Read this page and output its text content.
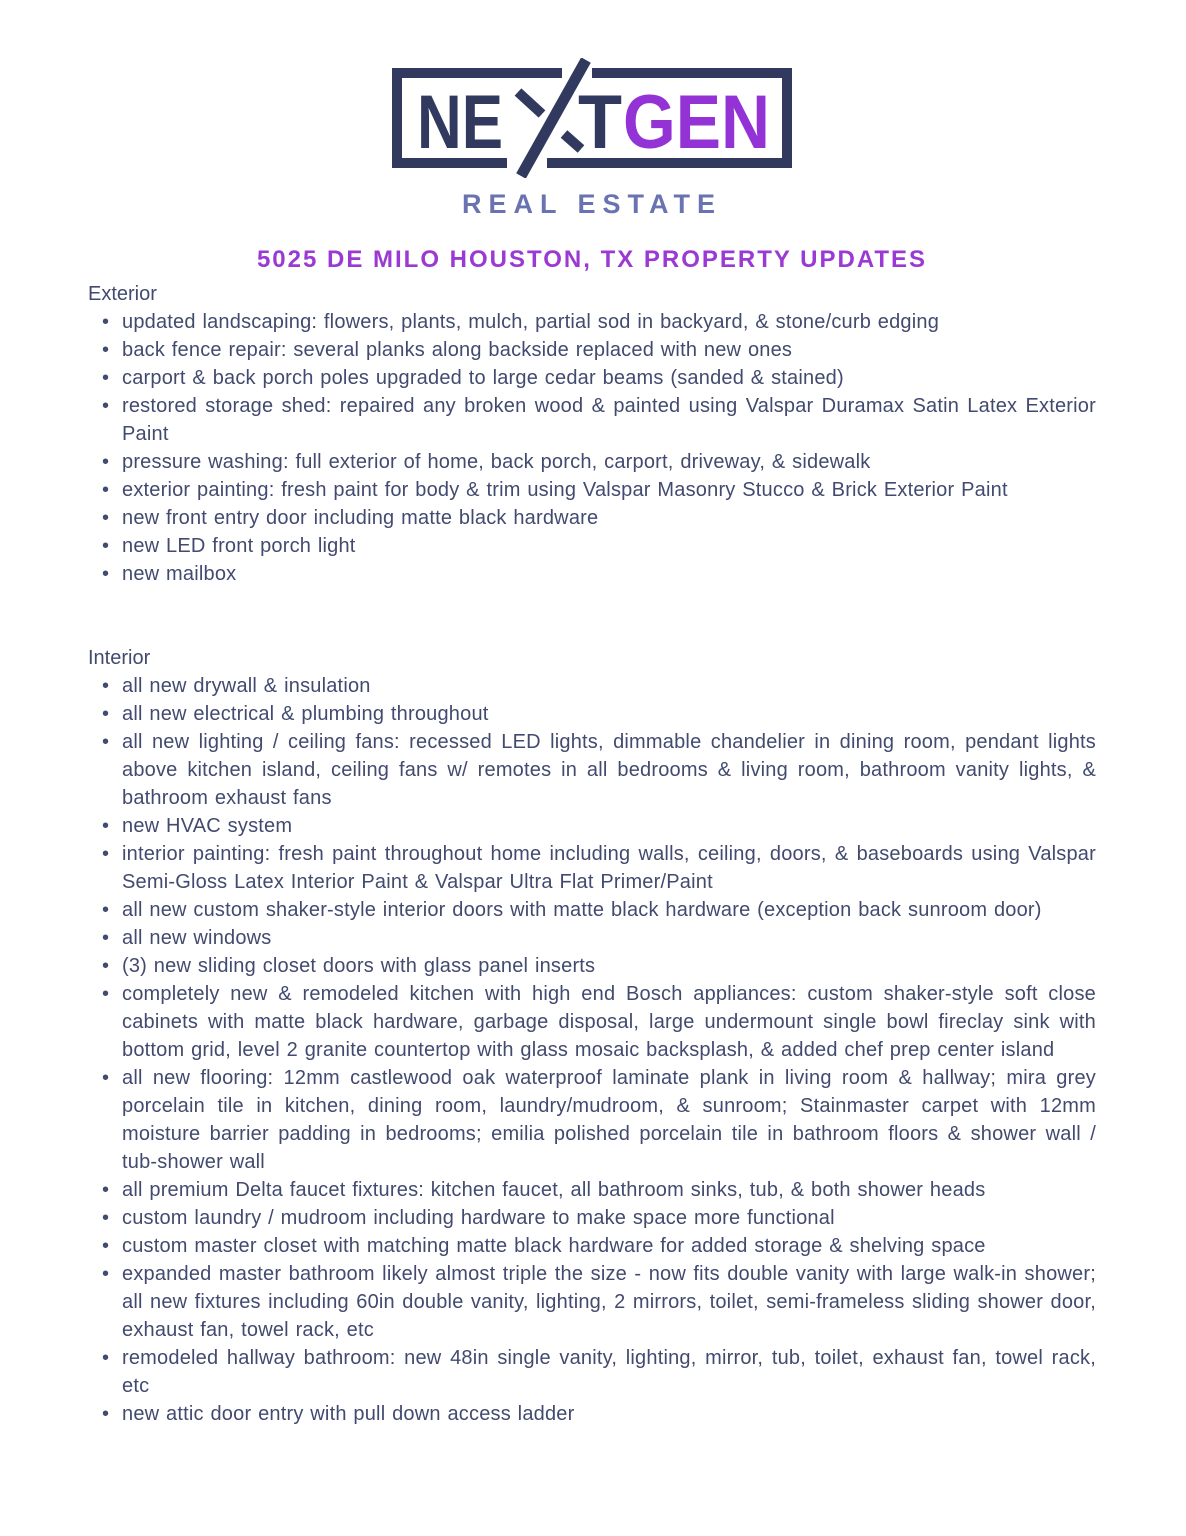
NE T GEN
REAL ESTATE
5025 DE MILO HOUSTON, TX PROPERTY UPDATES
Exterior
• updated landscaping: flowers, plants, mulch, partial sod in backyard, & stone/curb edging
• back fence repair: several planks along backside replaced with new ones
• carport & back porch poles upgraded to large cedar beams (sanded & stained)
• restored storage shed: repaired any broken wood & painted using Valspar Duramax Satin Latex Exterior Paint
• pressure washing: full exterior of home, back porch, carport, driveway, & sidewalk
• exterior painting: fresh paint for body & trim using Valspar Masonry Stucco & Brick Exterior Paint
• new front entry door including matte black hardware
• new LED front porch light
• new mailbox
Interior
• all new drywall & insulation
• all new electrical & plumbing throughout
• all new lighting / ceiling fans: recessed LED lights, dimmable chandelier in dining room, pendant lights above kitchen island, ceiling fans w/ remotes in all bedrooms & living room, bathroom vanity lights, & bathroom exhaust fans
• new HVAC system
• interior painting: fresh paint throughout home including walls, ceiling, doors, & baseboards using Valspar Semi-Gloss Latex Interior Paint & Valspar Ultra Flat Primer/Paint
• all new custom shaker-style interior doors with matte black hardware (exception back sunroom door)
• all new windows
• (3) new sliding closet doors with glass panel inserts
• completely new & remodeled kitchen with high end Bosch appliances: custom shaker-style soft close cabinets with matte black hardware, garbage disposal, large undermount single bowl fireclay sink with bottom grid, level 2 granite countertop with glass mosaic backsplash, & added chef prep center island
• all new flooring: 12mm castlewood oak waterproof laminate plank in living room & hallway; mira grey porcelain tile in kitchen, dining room, laundry/mudroom, & sunroom; Stainmaster carpet with 12mm moisture barrier padding in bedrooms; emilia polished porcelain tile in bathroom floors & shower wall / tub-shower wall
• all premium Delta faucet fixtures: kitchen faucet, all bathroom sinks, tub, & both shower heads
• custom laundry / mudroom including hardware to make space more functional
• custom master closet with matching matte black hardware for added storage & shelving space
• expanded master bathroom likely almost triple the size - now fits double vanity with large walk-in shower; all new fixtures including 60in double vanity, lighting, 2 mirrors, toilet, semi-frameless sliding shower door, exhaust fan, towel rack, etc
• remodeled hallway bathroom: new 48in single vanity, lighting, mirror, tub, toilet, exhaust fan, towel rack, etc
• new attic door entry with pull down access ladder
